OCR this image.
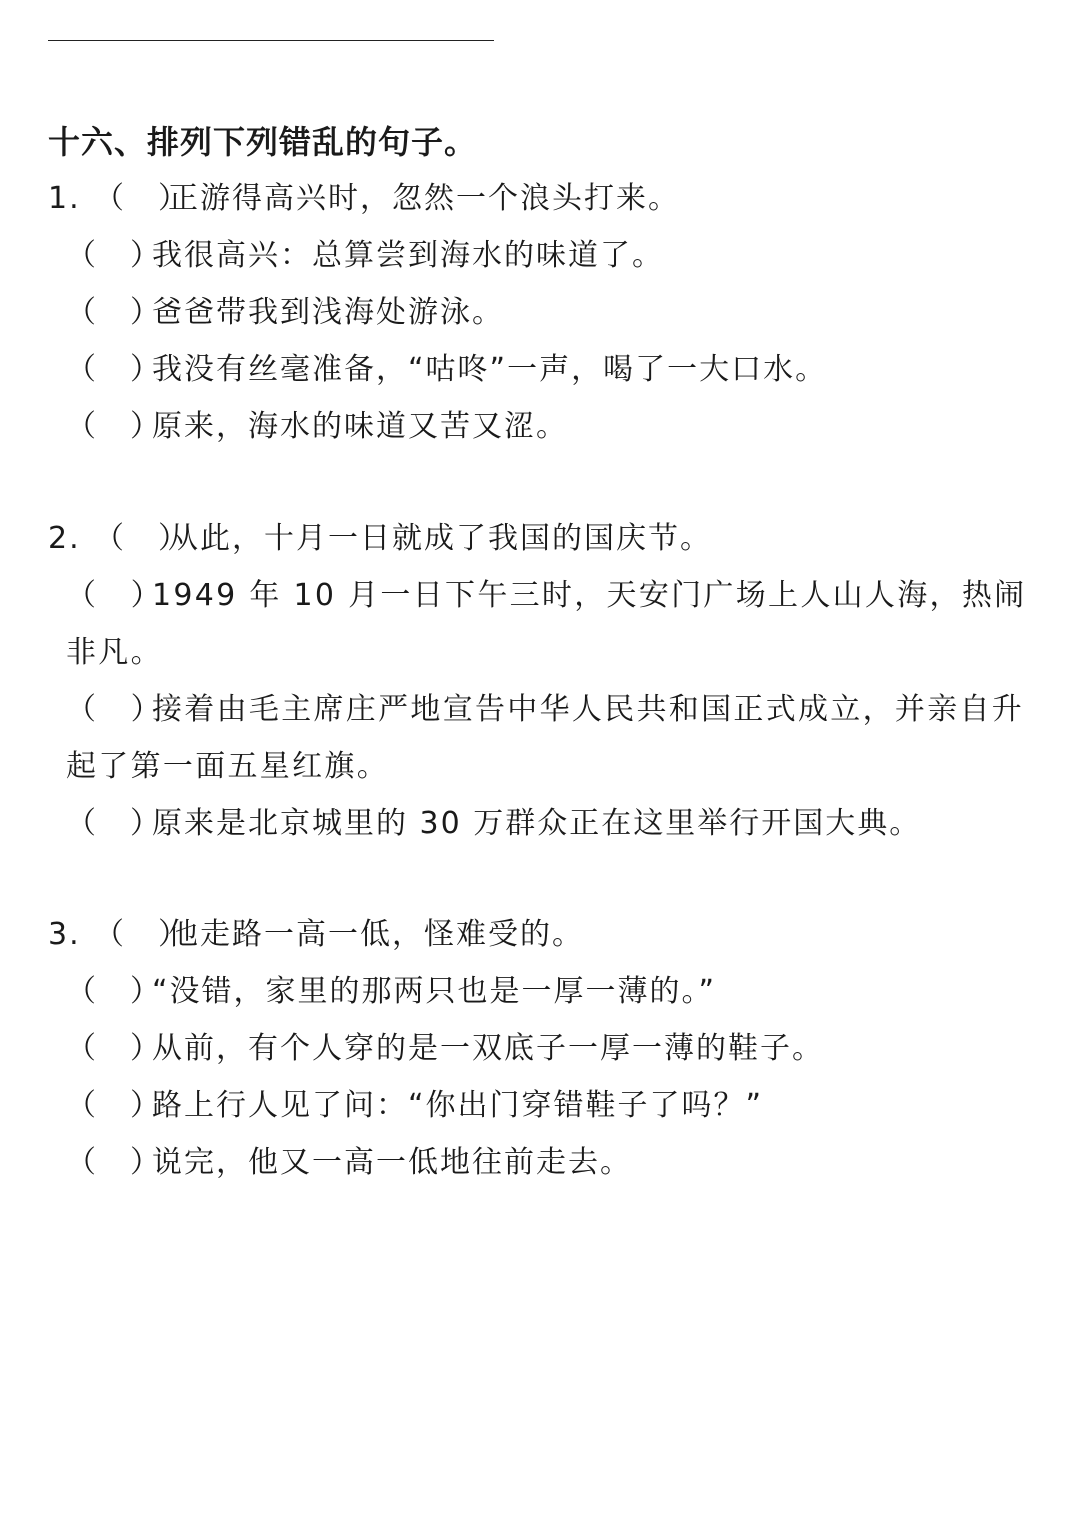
十六、排列下列错乱的句子。
1. （　）正游得高兴时，忽然一个浪头打来。
（　）我很高兴：总算尝到海水的味道了。
（　）爸爸带我到浅海处游泳。
（　）我没有丝毫准备，“咕咚”一声，喝了一大口水。
（　）原来，海水的味道又苦又涩。
2. （　）从此，十月一日就成了我国的国庆节。
（　）1949 年 10 月一日下午三时，天安门广场上人山人海，热闹非凡。
（　）接着由毛主席庄严地宣告中华人民共和国正式成立，并亲自升起了第一面五星红旗。
（　）原来是北京城里的 30 万群众正在这里举行开国大典。
3. （　）他走路一高一低，怪难受的。
（　）“没错，家里的那两只也是一厚一薄的。”
（　）从前，有个人穿的是一双底子一厚一薄的鞋子。
（　）路上行人见了问：“你出门穿错鞋子了吗？”
（　）说完，他又一高一低地往前走去。
